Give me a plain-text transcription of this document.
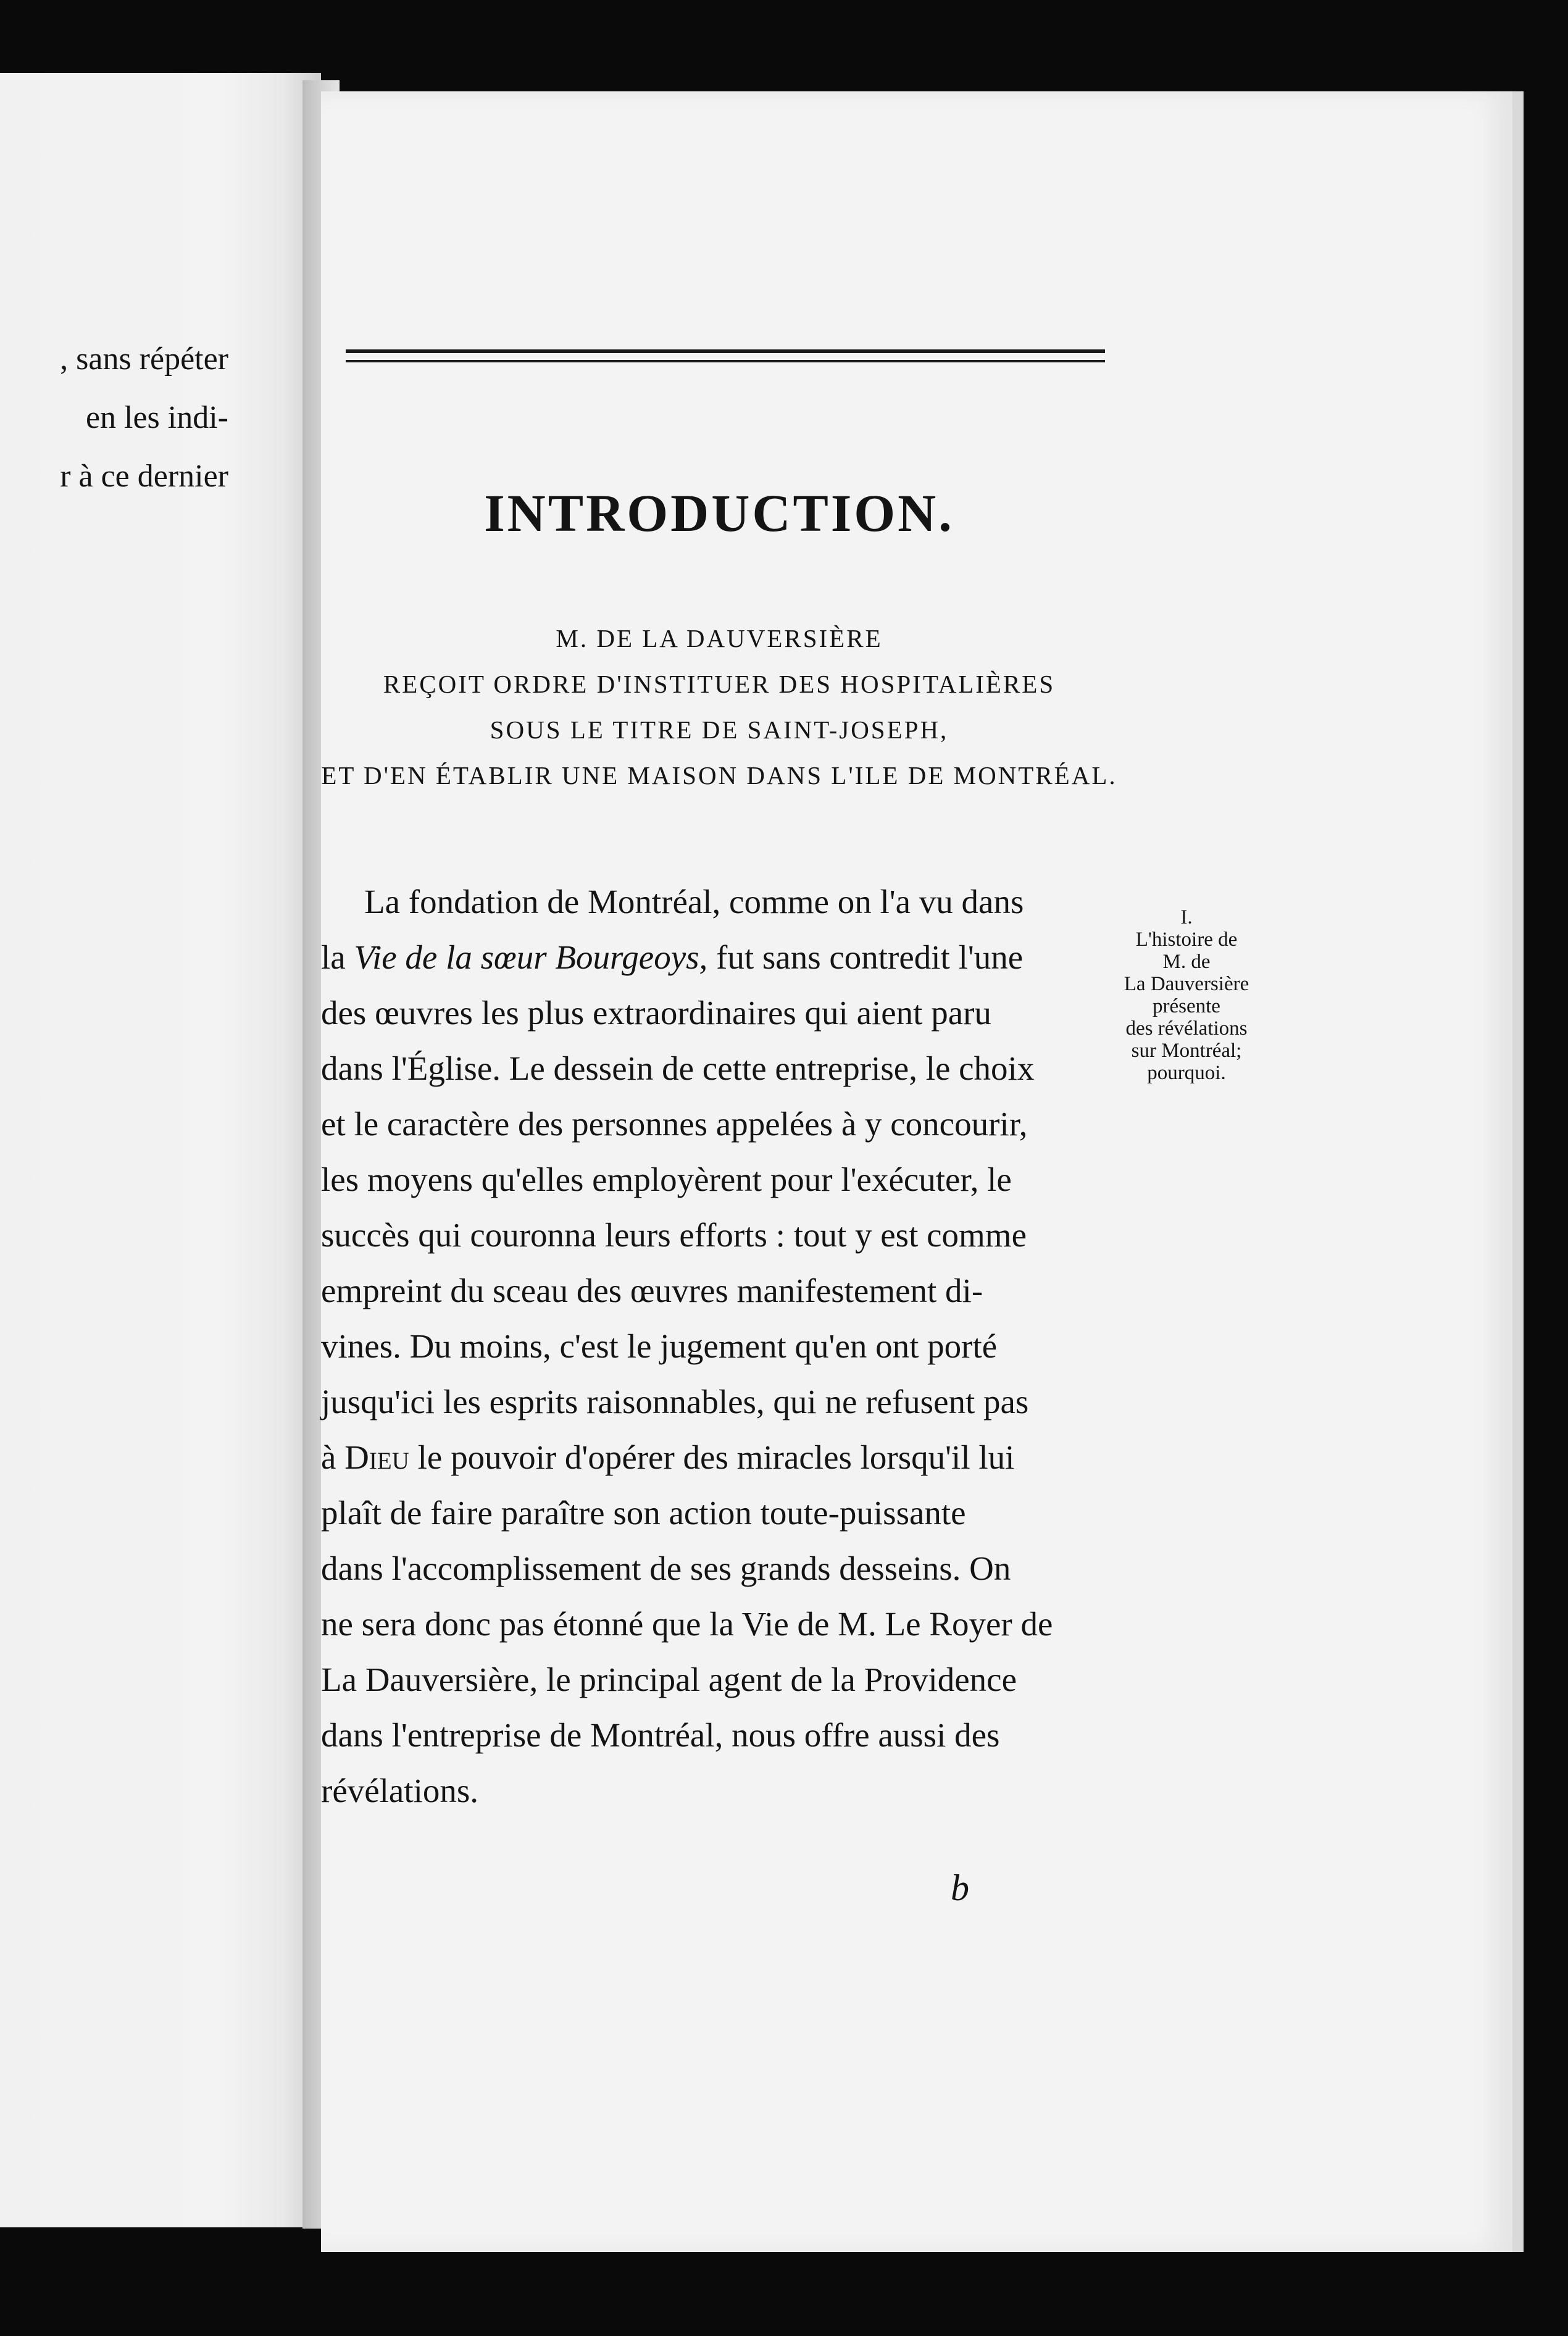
, sans répéter
en les indi-
r à ce dernier
INTRODUCTION.
M. DE LA DAUVERSIÈRE
REÇOIT ORDRE D'INSTITUER DES HOSPITALIÈRES
SOUS LE TITRE DE SAINT-JOSEPH,
ET D'EN ÉTABLIR UNE MAISON DANS L'ILE DE MONTRÉAL.
La fondation de Montréal, comme on l'a vu dans
la Vie de la sœur Bourgeoys, fut sans contredit l'une
des œuvres les plus extraordinaires qui aient paru
dans l'Église. Le dessein de cette entreprise, le choix
et le caractère des personnes appelées à y concourir,
les moyens qu'elles employèrent pour l'exécuter, le
succès qui couronna leurs efforts : tout y est comme
empreint du sceau des œuvres manifestement di-
vines. Du moins, c'est le jugement qu'en ont porté
jusqu'ici les esprits raisonnables, qui ne refusent pas
à Dieu le pouvoir d'opérer des miracles lorsqu'il lui
plaît de faire paraître son action toute-puissante
dans l'accomplissement de ses grands desseins. On
ne sera donc pas étonné que la Vie de M. Le Royer de
La Dauversière, le principal agent de la Providence
dans l'entreprise de Montréal, nous offre aussi des
révélations.
I.
L'histoire de
M. de
La Dauversière
présente
des révélations
sur Montréal;
pourquoi.
b
